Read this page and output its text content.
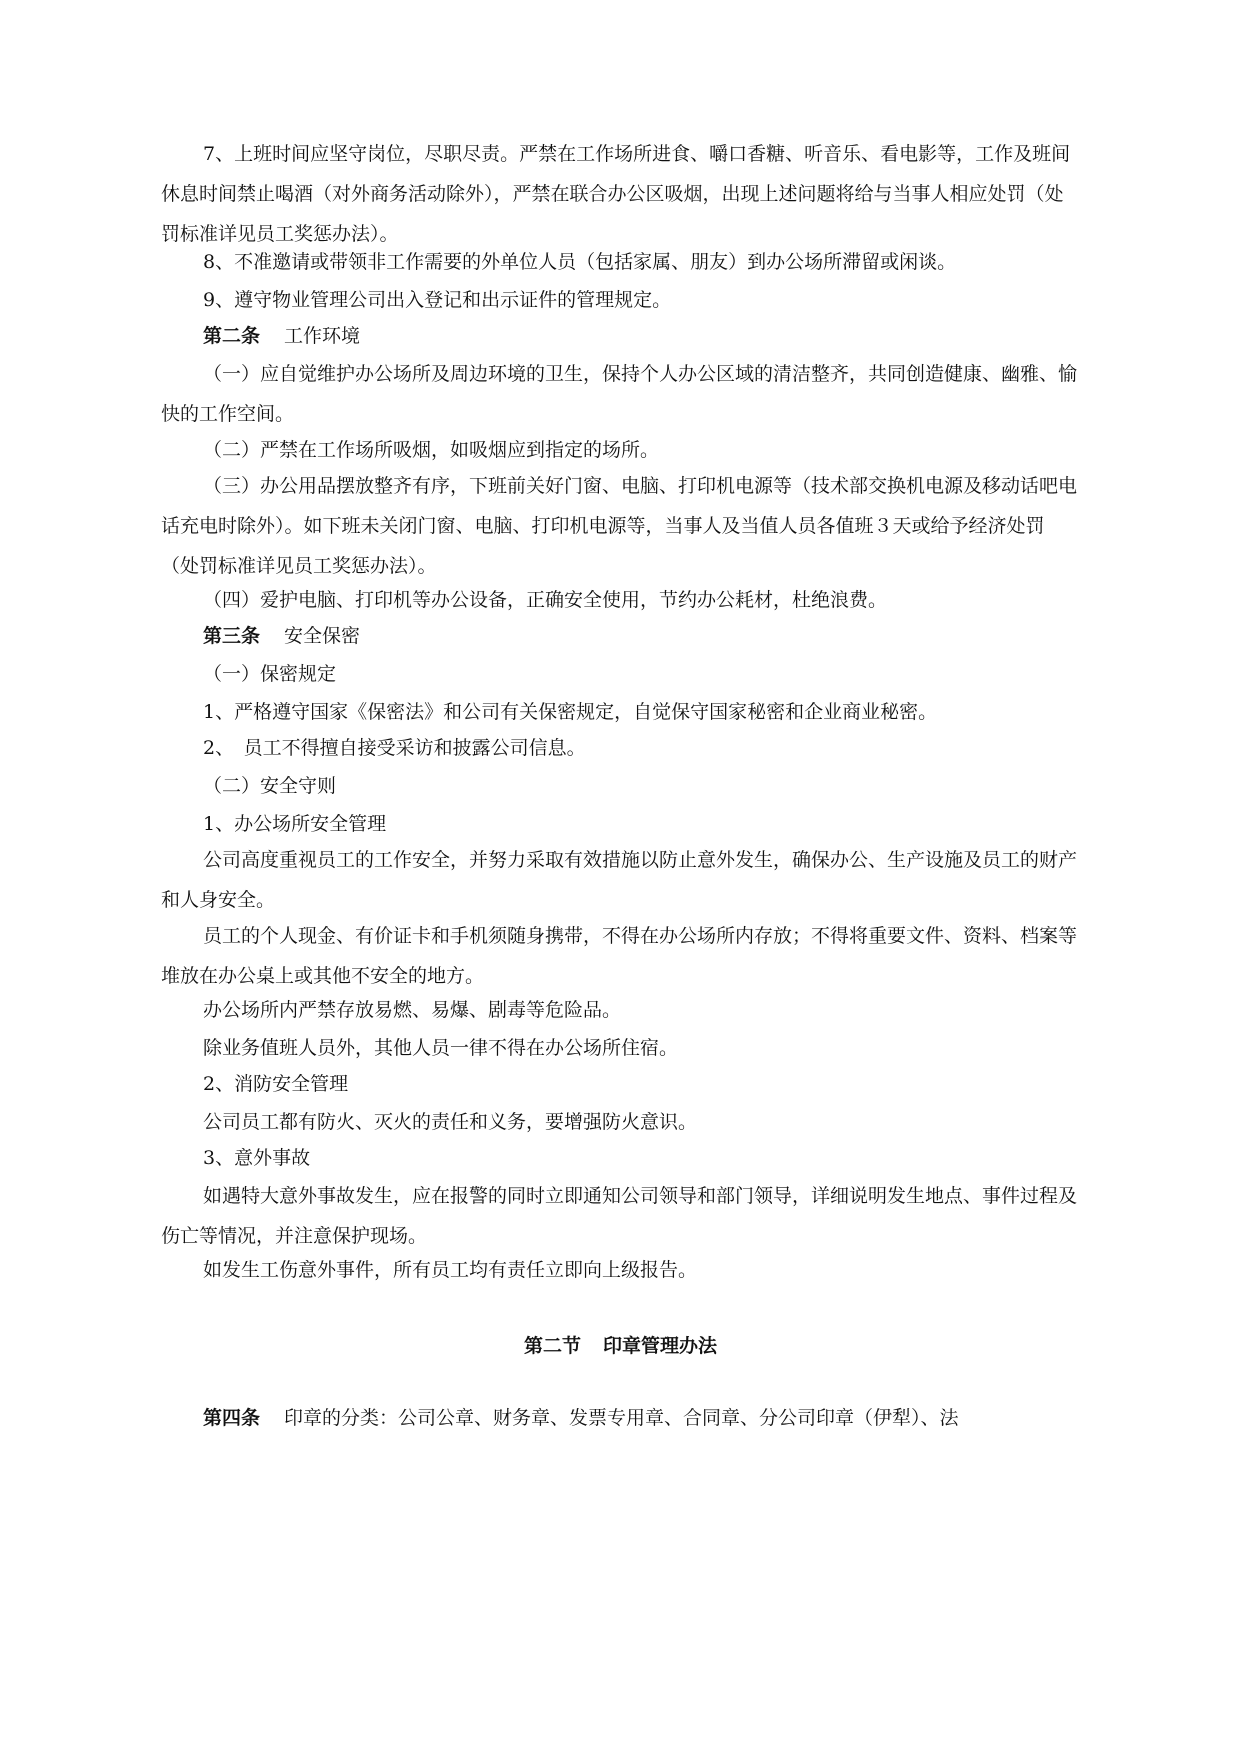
7、上班时间应坚守岗位，尽职尽责。严禁在工作场所进食、嚼口香糖、听音乐、看电影等，工作及班间休息时间禁止喝酒（对外商务活动除外），严禁在联合办公区吸烟，出现上述问题将给与当事人相应处罚（处罚标准详见员工奖惩办法）。

8、不准邀请或带领非工作需要的外单位人员（包括家属、朋友）到办公场所滞留或闲谈。

9、遵守物业管理公司出入登记和出示证件的管理规定。

第二条 工作环境

（一）应自觉维护办公场所及周边环境的卫生，保持个人办公区域的清洁整齐，共同创造健康、幽雅、愉快的工作空间。

（二）严禁在工作场所吸烟，如吸烟应到指定的场所。

（三）办公用品摆放整齐有序，下班前关好门窗、电脑、打印机电源等（技术部交换机电源及移动话吧电话充电时除外）。如下班未关闭门窗、电脑、打印机电源等，当事人及当值人员各值班３天或给予经济处罚（处罚标准详见员工奖惩办法）。

（四）爱护电脑、打印机等办公设备，正确安全使用，节约办公耗材，杜绝浪费。

第三条 安全保密

（一）保密规定

1、严格遵守国家《保密法》和公司有关保密规定，自觉保守国家秘密和企业商业秘密。

2、　员工不得擅自接受采访和披露公司信息。

（二）安全守则

1、办公场所安全管理

公司高度重视员工的工作安全，并努力采取有效措施以防止意外发生，确保办公、生产设施及员工的财产和人身安全。

员工的个人现金、有价证卡和手机须随身携带，不得在办公场所内存放；不得将重要文件、资料、档案等堆放在办公桌上或其他不安全的地方。

办公场所内严禁存放易燃、易爆、剧毒等危险品。

除业务值班人员外，其他人员一律不得在办公场所住宿。

2、消防安全管理

公司员工都有防火、灭火的责任和义务，要增强防火意识。

3、意外事故

如遇特大意外事故发生，应在报警的同时立即通知公司领导和部门领导，详细说明发生地点、事件过程及伤亡等情况，并注意保护现场。

如发生工伤意外事件，所有员工均有责任立即向上级报告。

第二节 印章管理办法

第四条 印章的分类：公司公章、财务章、发票专用章、合同章、分公司印章（伊犁）、法
